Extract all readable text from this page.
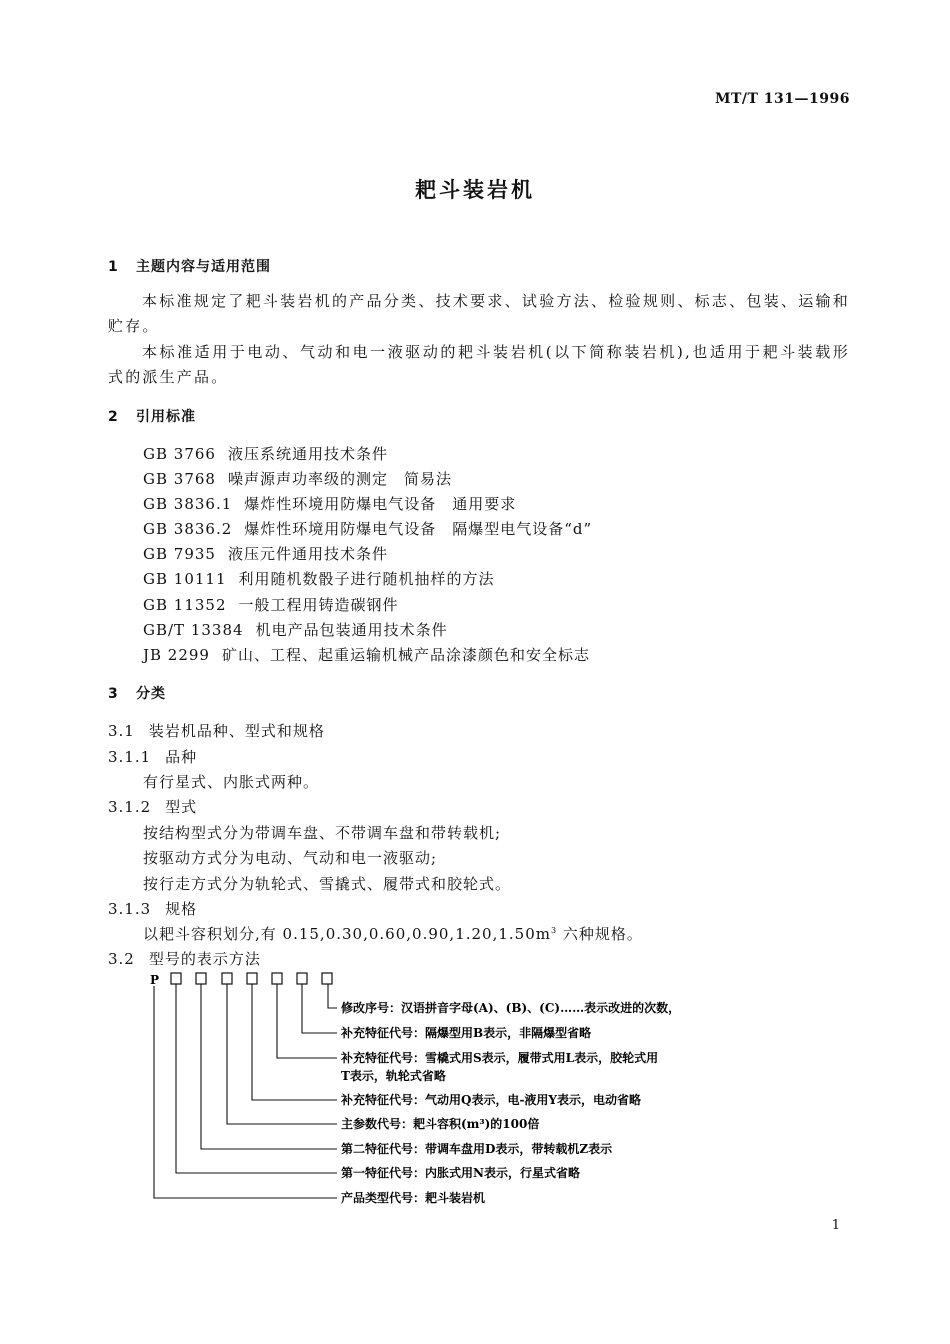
MT/T 131—1996
耙斗装岩机
1 主题内容与适用范围
本标准规定了耙斗装岩机的产品分类、技术要求、试验方法、检验规则、标志、包装、运输和贮存。
本标准适用于电动、气动和电一液驱动的耙斗装岩机(以下简称装岩机),也适用于耙斗装载形式的派生产品。
2 引用标准
GB 3766 液压系统通用技术条件
GB 3768 噪声源声功率级的测定　简易法
GB 3836.1 爆炸性环境用防爆电气设备　通用要求
GB 3836.2 爆炸性环境用防爆电气设备　隔爆型电气设备“d”
GB 7935 液压元件通用技术条件
GB 10111 利用随机数骰子进行随机抽样的方法
GB 11352 一般工程用铸造碳钢件
GB/T 13384 机电产品包装通用技术条件
JB 2299 矿山、工程、起重运输机械产品涂漆颜色和安全标志
3 分类
3.1 装岩机品种、型式和规格
3.1.1 品种
有行星式、内胀式两种。
3.1.2 型式
按结构型式分为带调车盘、不带调车盘和带转载机;
按驱动方式分为电动、气动和电一液驱动;
按行走方式分为轨轮式、雪撬式、履带式和胶轮式。
3.1.3 规格
以耙斗容积划分,有 $0.15,0.30,0.60,0.90,1.20,1.50m^3$ 六种规格。
3.2 型号的表示方法
P
修改序号：汉语拼音字母(A)、(B)、(C)……表示改进的次数，
补充特征代号：隔爆型用B表示，非隔爆型省略
补充特征代号：雪橇式用S表示，履带式用L表示，胶轮式用
T表示，轨轮式省略
补充特征代号：气动用Q表示，电-液用Y表示，电动省略
主参数代号：耙斗容积(m³)的100倍
第二特征代号：带调车盘用D表示，带转载机Z表示
第一特征代号：内胀式用N表示，行星式省略
产品类型代号：耙斗装岩机
1
